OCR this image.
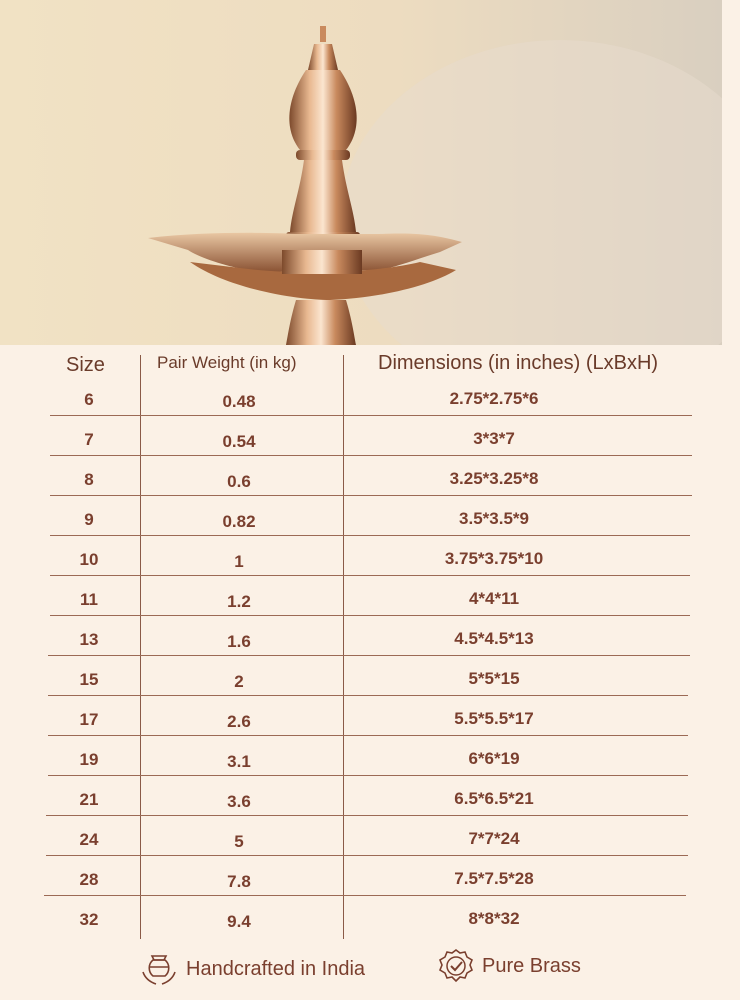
Size	Pair Weight (in kg)	Dimensions (in inches) (LxBxH)
6	0.48	2.75*2.75*6
7	0.54	3*3*7
8	0.6	3.25*3.25*8
9	0.82	3.5*3.5*9
10	1	3.75*3.75*10
11	1.2	4*4*11
13	1.6	4.5*4.5*13
15	2	5*5*15
17	2.6	5.5*5.5*17
19	3.1	6*6*19
21	3.6	6.5*6.5*21
24	5	7*7*24
28	7.8	7.5*7.5*28
32	9.4	8*8*32
Handcrafted in India	Pure Brass
